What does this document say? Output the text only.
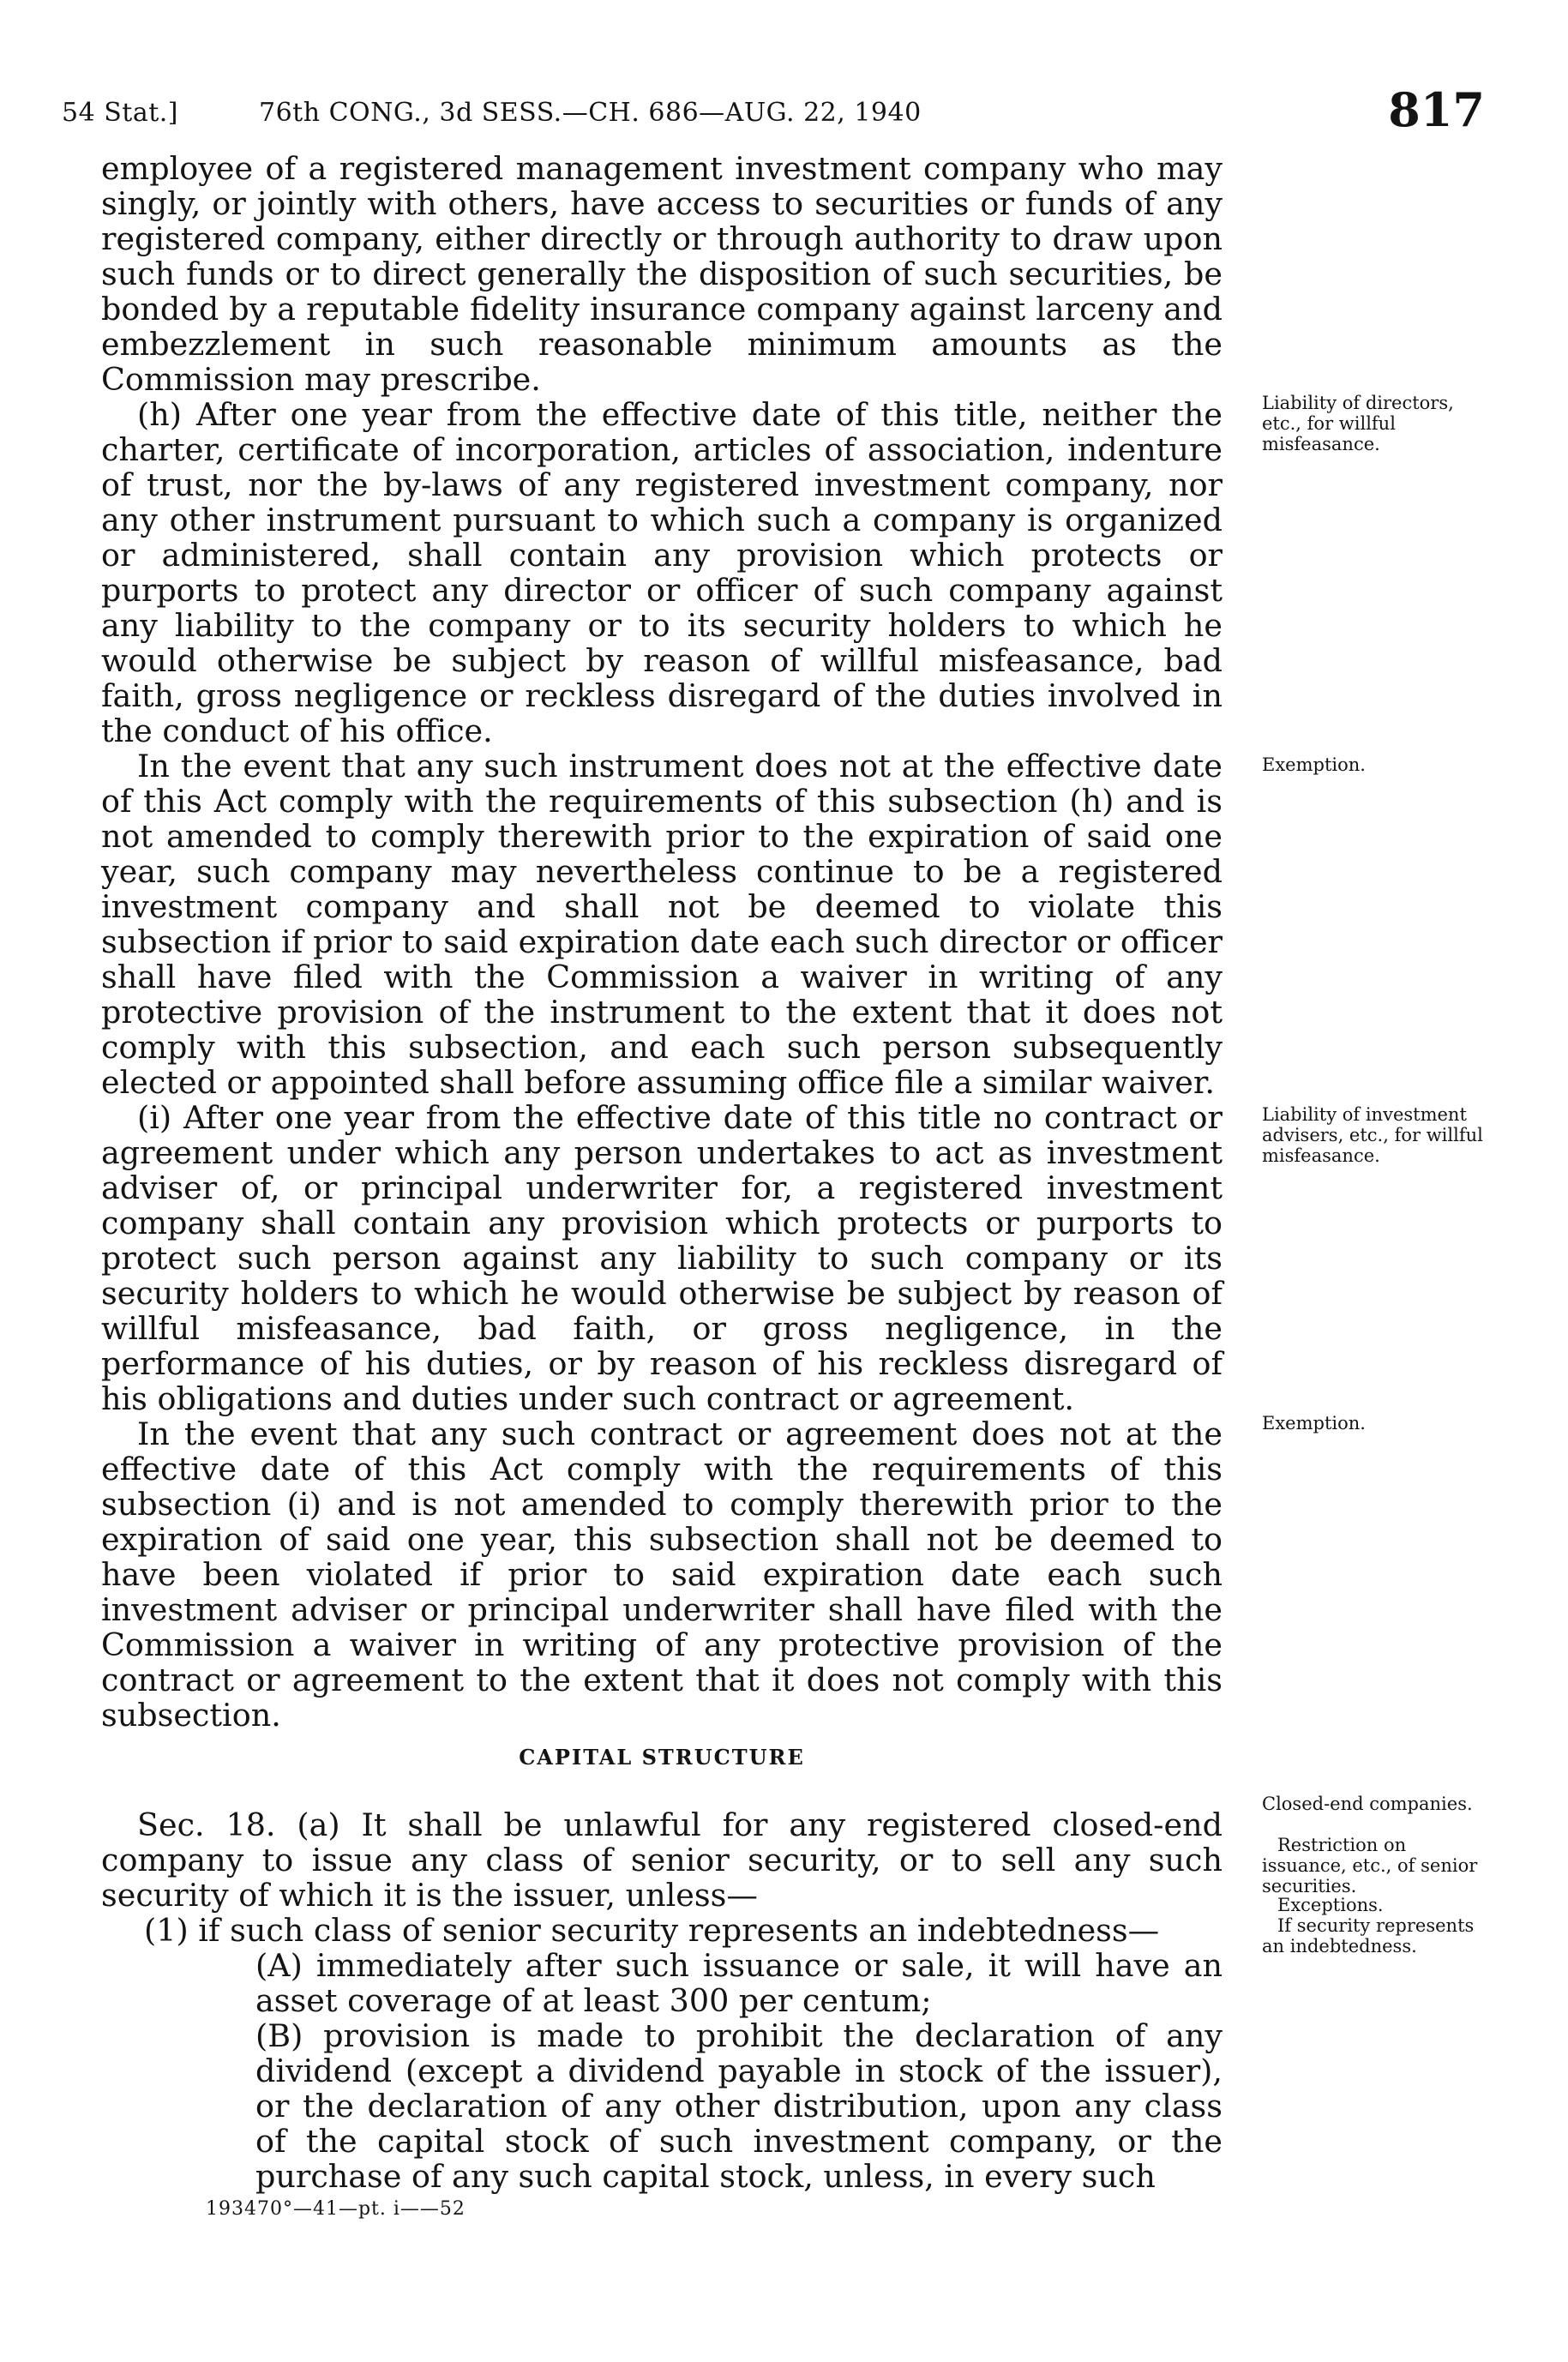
54 Stat.]	76th CONG., 3d SESS.—CH. 686—AUG. 22, 1940	817

employee of a registered management investment company who may singly, or jointly with others, have access to securities or funds of any registered company, either directly or through authority to draw upon such funds or to direct generally the disposition of such securities, be bonded by a reputable fidelity insurance company against larceny and embezzlement in such reasonable minimum amounts as the Commission may prescribe.

(h) After one year from the effective date of this title, neither the charter, certificate of incorporation, articles of association, indenture of trust, nor the by-laws of any registered investment company, nor any other instrument pursuant to which such a company is organized or administered, shall contain any provision which protects or purports to protect any director or officer of such company against any liability to the company or to its security holders to which he would otherwise be subject by reason of willful misfeasance, bad faith, gross negligence or reckless disregard of the duties involved in the conduct of his office.

In the event that any such instrument does not at the effective date of this Act comply with the requirements of this subsection (h) and is not amended to comply therewith prior to the expiration of said one year, such company may nevertheless continue to be a registered investment company and shall not be deemed to violate this subsection if prior to said expiration date each such director or officer shall have filed with the Commission a waiver in writing of any protective provision of the instrument to the extent that it does not comply with this subsection, and each such person subsequently elected or appointed shall before assuming office file a similar waiver.

(i) After one year from the effective date of this title no contract or agreement under which any person undertakes to act as investment adviser of, or principal underwriter for, a registered investment company shall contain any provision which protects or purports to protect such person against any liability to such company or its security holders to which he would otherwise be subject by reason of willful misfeasance, bad faith, or gross negligence, in the performance of his duties, or by reason of his reckless disregard of his obligations and duties under such contract or agreement.

In the event that any such contract or agreement does not at the effective date of this Act comply with the requirements of this subsection (i) and is not amended to comply therewith prior to the expiration of said one year, this subsection shall not be deemed to have been violated if prior to said expiration date each such investment adviser or principal underwriter shall have filed with the Commission a waiver in writing of any protective provision of the contract or agreement to the extent that it does not comply with this subsection.

CAPITAL STRUCTURE

Sec. 18. (a) It shall be unlawful for any registered closed-end company to issue any class of senior security, or to sell any such security of which it is the issuer, unless—

(1) if such class of senior security represents an indebtedness—

(A) immediately after such issuance or sale, it will have an asset coverage of at least 300 per centum;

(B) provision is made to prohibit the declaration of any dividend (except a dividend payable in stock of the issuer), or the declaration of any other distribution, upon any class of the capital stock of such investment company, or the purchase of any such capital stock, unless, in every such

Liability of directors, etc., for willful misfeasance.
Exemption.
Liability of investment advisers, etc., for willful misfeasance.
Exemption.
Closed-end companies.
Restriction on issuance, etc., of senior securities.
Exceptions.
If security represents an indebtedness.
193470°—41—pt. i——52
